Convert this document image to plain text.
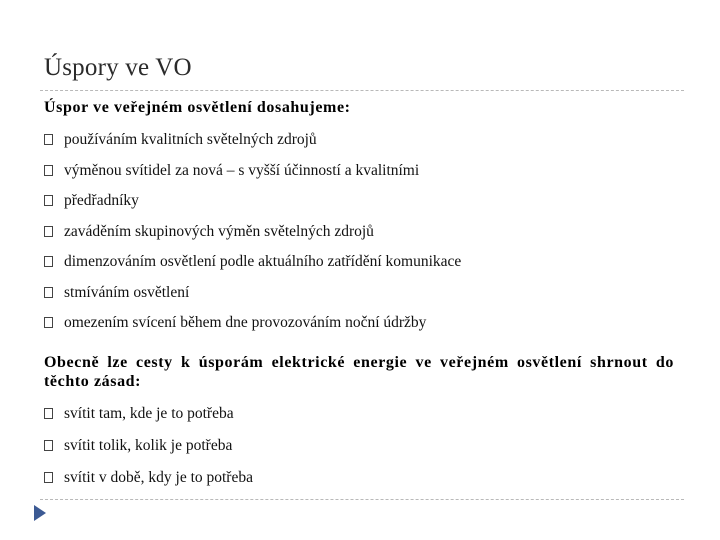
Úspory ve VO
Úspor ve veřejném osvětlení dosahujeme:
používáním kvalitních světelných zdrojů
výměnou svítidel za nová – s vyšší účinností a kvalitními
předřadníky
zaváděním skupinových výměn světelných zdrojů
dimenzováním osvětlení podle aktuálního zatřídění komunikace
stmíváním osvětlení
omezením svícení během dne provozováním noční údržby
Obecně lze cesty k úsporám elektrické energie ve veřejném osvětlení shrnout do těchto zásad:
svítit tam, kde je to potřeba
svítit tolik, kolik je potřeba
svítit v době, kdy je to potřeba
